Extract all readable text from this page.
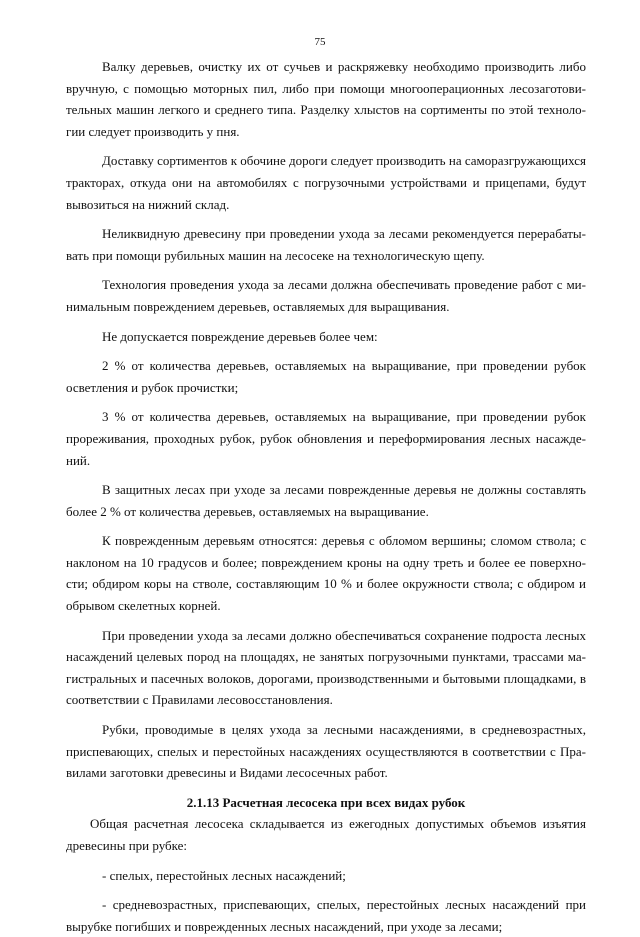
75

Валку деревьев, очистку их от сучьев и раскряжевку необходимо производить либо вручную, с помощью моторных пил, либо при помощи многооперационных лесозаготовительных машин легкого и среднего типа. Разделку хлыстов на сортименты по этой технологии следует производить у пня.

Доставку сортиментов к обочине дороги следует производить на саморазгружающихся тракторах, откуда они на автомобилях с погрузочными устройствами и прицепами, будут вывозиться на нижний склад.

Неликвидную древесину при проведении ухода за лесами рекомендуется перерабатывать при помощи рубильных машин на лесосеке на технологическую щепу.

Технология проведения ухода за лесами должна обеспечивать проведение работ с минимальным повреждением деревьев, оставляемых для выращивания.

Не допускается повреждение деревьев более чем:

2 % от количества деревьев, оставляемых на выращивание, при проведении рубок осветления и рубок прочистки;

3 % от количества деревьев, оставляемых на выращивание, при проведении рубок прореживания, проходных рубок, рубок обновления и переформирования лесных насаждений.

В защитных лесах при уходе за лесами поврежденные деревья не должны составлять более 2 % от количества деревьев, оставляемых на выращивание.

К поврежденным деревьям относятся: деревья с обломом вершины; сломом ствола; с наклоном на 10 градусов и более; повреждением кроны на одну треть и более ее поверхности; обдиром коры на стволе, составляющим 10 % и более окружности ствола; с обдиром и обрывом скелетных корней.

При проведении ухода за лесами должно обеспечиваться сохранение подроста лесных насаждений целевых пород на площадях, не занятых погрузочными пунктами, трассами магистральных и пасечных волоков, дорогами, производственными и бытовыми площадками, в соответствии с Правилами лесовосстановления.

Рубки, проводимые в целях ухода за лесными насаждениями, в средневозрастных, приспевающих, спелых и перестойных насаждениях осуществляются в соответствии с Правилами заготовки древесины и Видами лесосечных работ.

2.1.13 Расчетная лесосека при всех видах рубок

Общая расчетная лесосека складывается из ежегодных допустимых объемов изъятия древесины при рубке:

- спелых, перестойных лесных насаждений;

- средневозрастных, приспевающих, спелых, перестойных лесных насаждений при вырубке погибших и поврежденных лесных насаждений, при уходе за лесами;
